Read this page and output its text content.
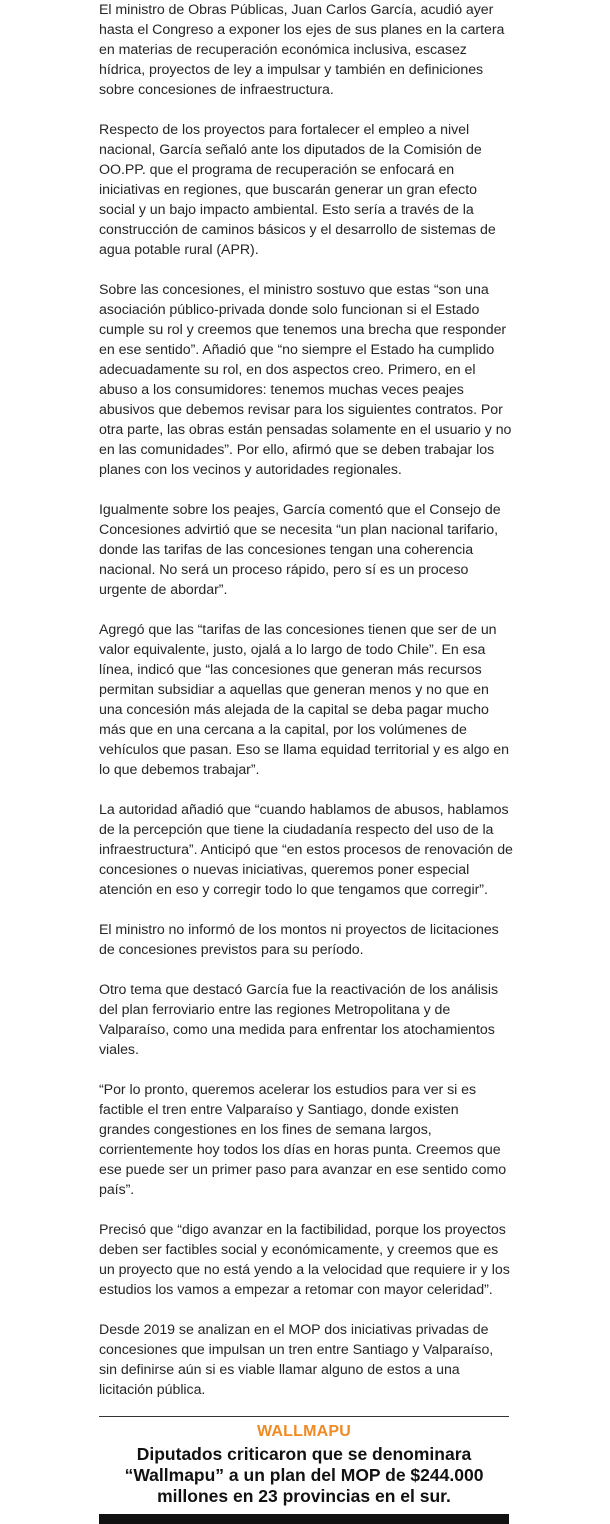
El ministro de Obras Públicas, Juan Carlos García, acudió ayer hasta el Congreso a exponer los ejes de sus planes en la cartera en materias de recuperación económica inclusiva, escasez hídrica, proyectos de ley a impulsar y también en definiciones sobre concesiones de infraestructura.

Respecto de los proyectos para fortalecer el empleo a nivel nacional, García señaló ante los diputados de la Comisión de OO.PP. que el programa de recuperación se enfocará en iniciativas en regiones, que buscarán generar un gran efecto social y un bajo impacto ambiental. Esto sería a través de la construcción de caminos básicos y el desarrollo de sistemas de agua potable rural (APR).

Sobre las concesiones, el ministro sostuvo que estas “son una asociación público-privada donde solo funcionan si el Estado cumple su rol y creemos que tenemos una brecha que responder en ese sentido”. Añadió que “no siempre el Estado ha cumplido adecuadamente su rol, en dos aspectos creo. Primero, en el abuso a los consumidores: tenemos muchas veces peajes abusivos que debemos revisar para los siguientes contratos. Por otra parte, las obras están pensadas solamente en el usuario y no en las comunidades”. Por ello, afirmó que se deben trabajar los planes con los vecinos y autoridades regionales.

Igualmente sobre los peajes, García comentó que el Consejo de Concesiones advirtió que se necesita “un plan nacional tarifario, donde las tarifas de las concesiones tengan una coherencia nacional. No será un proceso rápido, pero sí es un proceso urgente de abordar”.

Agregó que las “tarifas de las concesiones tienen que ser de un valor equivalente, justo, ojalá a lo largo de todo Chile”. En esa línea, indicó que “las concesiones que generan más recursos permitan subsidiar a aquellas que generan menos y no que en una concesión más alejada de la capital se deba pagar mucho más que en una cercana a la capital, por los volúmenes de vehículos que pasan. Eso se llama equidad territorial y es algo en lo que debemos trabajar”.

La autoridad añadió que “cuando hablamos de abusos, hablamos de la percepción que tiene la ciudadanía respecto del uso de la infraestructura”. Anticipó que “en estos procesos de renovación de concesiones o nuevas iniciativas, queremos poner especial atención en eso y corregir todo lo que tengamos que corregir”.

El ministro no informó de los montos ni proyectos de licitaciones de concesiones previstos para su período.

Otro tema que destacó García fue la reactivación de los análisis del plan ferroviario entre las regiones Metropolitana y de Valparaíso, como una medida para enfrentar los atochamientos viales.

“Por lo pronto, queremos acelerar los estudios para ver si es factible el tren entre Valparaíso y Santiago, donde existen grandes congestiones en los fines de semana largos, corrientemente hoy todos los días en horas punta. Creemos que ese puede ser un primer paso para avanzar en ese sentido como país”.

Precisó que “digo avanzar en la factibilidad, porque los proyectos deben ser factibles social y económicamente, y creemos que es un proyecto que no está yendo a la velocidad que requiere ir y los estudios los vamos a empezar a retomar con mayor celeridad”.

Desde 2019 se analizan en el MOP dos iniciativas privadas de concesiones que impulsan un tren entre Santiago y Valparaíso, sin definirse aún si es viable llamar alguno de estos a una licitación pública.

WALLMAPU
Diputados criticaron que se denominara “Wallmapu” a un plan del MOP de $244.000 millones en 23 provincias en el sur.
